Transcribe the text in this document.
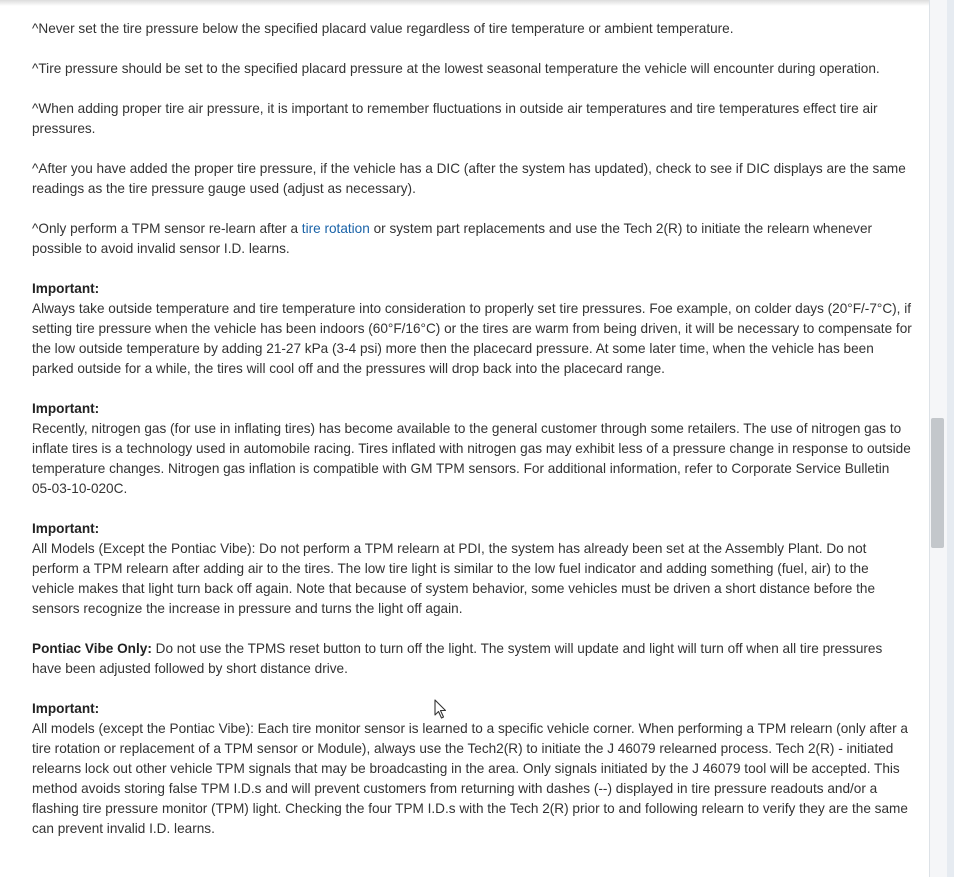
^Never set the tire pressure below the specified placard value regardless of tire temperature or ambient temperature.

^Tire pressure should be set to the specified placard pressure at the lowest seasonal temperature the vehicle will encounter during operation.

^When adding proper tire air pressure, it is important to remember fluctuations in outside air temperatures and tire temperatures effect tire air pressures.

^After you have added the proper tire pressure, if the vehicle has a DIC (after the system has updated), check to see if DIC displays are the same readings as the tire pressure gauge used (adjust as necessary).

^Only perform a TPM sensor re-learn after a tire rotation or system part replacements and use the Tech 2(R) to initiate the relearn whenever possible to avoid invalid sensor I.D. learns.

Important:
Always take outside temperature and tire temperature into consideration to properly set tire pressures. Foe example, on colder days (20°F/-7°C), if setting tire pressure when the vehicle has been indoors (60°F/16°C) or the tires are warm from being driven, it will be necessary to compensate for the low outside temperature by adding 21-27 kPa (3-4 psi) more then the placecard pressure. At some later time, when the vehicle has been parked outside for a while, the tires will cool off and the pressures will drop back into the placecard range.

Important:
Recently, nitrogen gas (for use in inflating tires) has become available to the general customer through some retailers. The use of nitrogen gas to inflate tires is a technology used in automobile racing. Tires inflated with nitrogen gas may exhibit less of a pressure change in response to outside temperature changes. Nitrogen gas inflation is compatible with GM TPM sensors. For additional information, refer to Corporate Service Bulletin 05-03-10-020C.

Important:
All Models (Except the Pontiac Vibe): Do not perform a TPM relearn at PDI, the system has already been set at the Assembly Plant. Do not perform a TPM relearn after adding air to the tires. The low tire light is similar to the low fuel indicator and adding something (fuel, air) to the vehicle makes that light turn back off again. Note that because of system behavior, some vehicles must be driven a short distance before the sensors recognize the increase in pressure and turns the light off again.

Pontiac Vibe Only: Do not use the TPMS reset button to turn off the light. The system will update and light will turn off when all tire pressures have been adjusted followed by short distance drive.

Important:
All models (except the Pontiac Vibe): Each tire monitor sensor is learned to a specific vehicle corner. When performing a TPM relearn (only after a tire rotation or replacement of a TPM sensor or Module), always use the Tech2(R) to initiate the J 46079 relearned process. Tech 2(R) - initiated relearns lock out other vehicle TPM signals that may be broadcasting in the area. Only signals initiated by the J 46079 tool will be accepted. This method avoids storing false TPM I.D.s and will prevent customers from returning with dashes (--) displayed in tire pressure readouts and/or a flashing tire pressure monitor (TPM) light. Checking the four TPM I.D.s with the Tech 2(R) prior to and following relearn to verify they are the same can prevent invalid I.D. learns.
